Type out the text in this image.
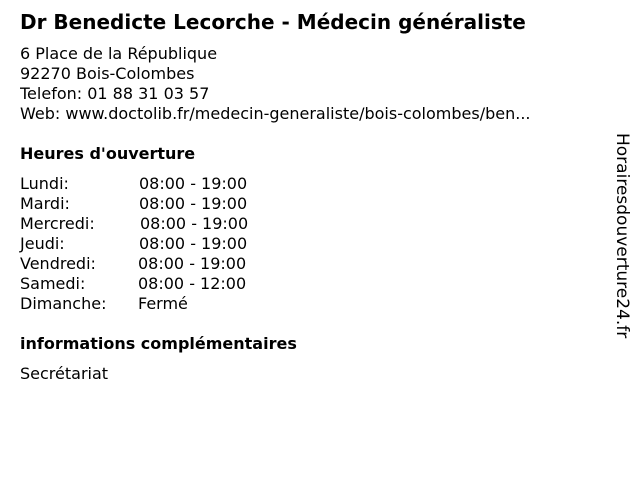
Dr Benedicte Lecorche - Médecin généraliste
6 Place de la République
92270 Bois-Colombes
Telefon: 01 88 31 03 57
Web: www.doctolib.fr/medecin-generaliste/bois-colombes/ben...
Heures d'ouverture
Lundi:	08:00 - 19:00
Mardi:	08:00 - 19:00
Mercredi:	08:00 - 19:00
Jeudi:	08:00 - 19:00
Vendredi:	08:00 - 19:00
Samedi:	08:00 - 12:00
Dimanche: Fermé
informations complémentaires
Secrétariat
Horairesdouverture24.fr
